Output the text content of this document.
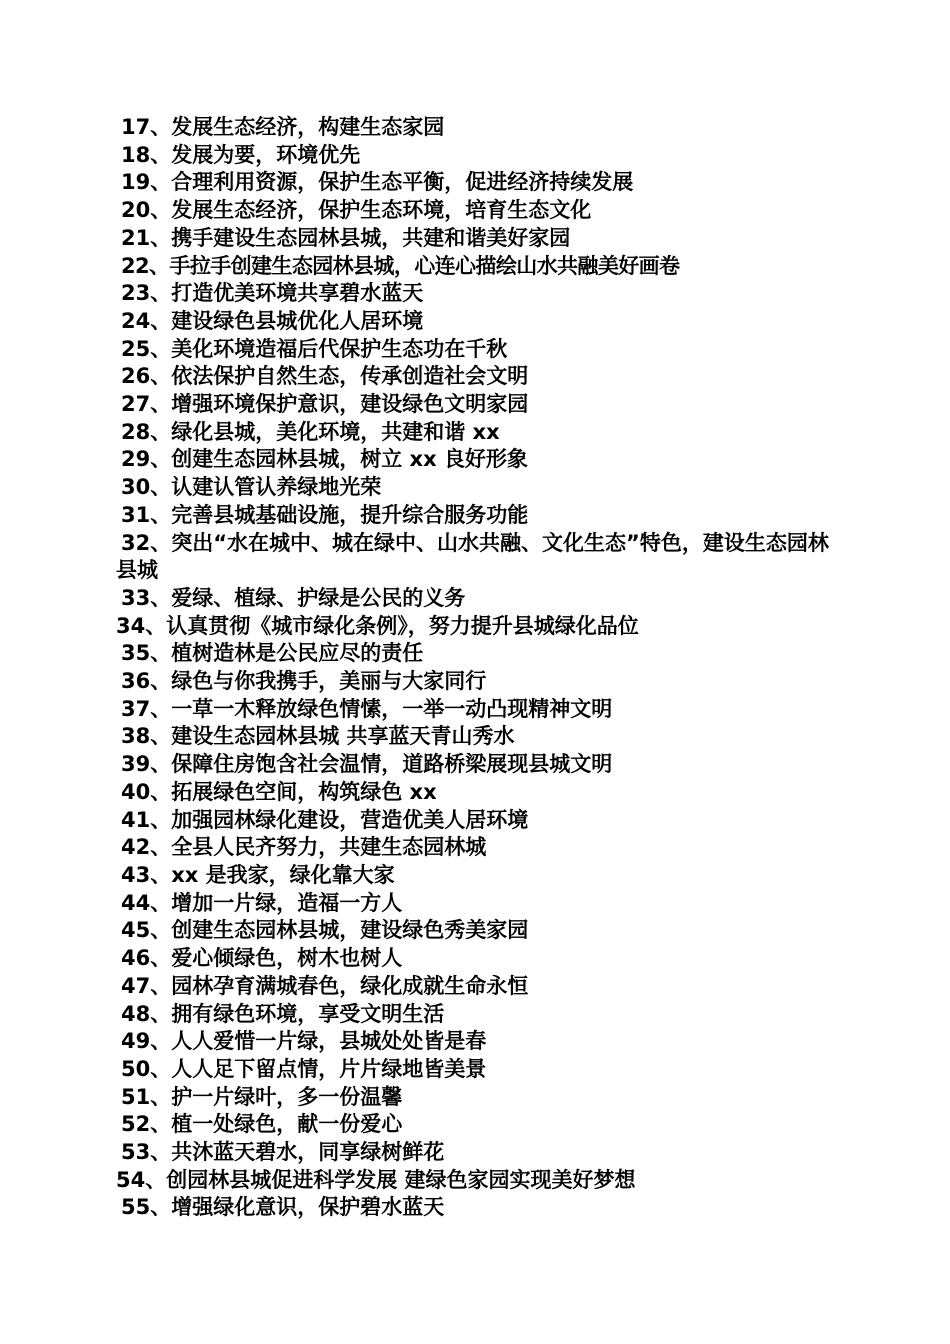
17、发展生态经济，构建生态家园
18、发展为要，环境优先
19、合理利用资源，保护生态平衡，促进经济持续发展
20、发展生态经济，保护生态环境，培育生态文化
21、携手建设生态园林县城，共建和谐美好家园
22、手拉手创建生态园林县城，心连心描绘山水共融美好画卷
23、打造优美环境共享碧水蓝天
24、建设绿色县城优化人居环境
25、美化环境造福后代保护生态功在千秋
26、依法保护自然生态，传承创造社会文明
27、增强环境保护意识，建设绿色文明家园
28、绿化县城，美化环境，共建和谐 xx
29、创建生态园林县城，树立 xx 良好形象
30、认建认管认养绿地光荣
31、完善县城基础设施，提升综合服务功能
32、突出“水在城中、城在绿中、山水共融、文化生态”特色，建设生态园林县城
33、爱绿、植绿、护绿是公民的义务
34、认真贯彻《城市绿化条例》，努力提升县城绿化品位
35、植树造林是公民应尽的责任
36、绿色与你我携手，美丽与大家同行
37、一草一木释放绿色情愫，一举一动凸现精神文明
38、建设生态园林县城 共享蓝天青山秀水
39、保障住房饱含社会温情，道路桥梁展现县城文明
40、拓展绿色空间，构筑绿色 xx
41、加强园林绿化建设，营造优美人居环境
42、全县人民齐努力，共建生态园林城
43、xx 是我家，绿化靠大家
44、增加一片绿，造福一方人
45、创建生态园林县城，建设绿色秀美家园
46、爱心倾绿色，树木也树人
47、园林孕育满城春色，绿化成就生命永恒
48、拥有绿色环境，享受文明生活
49、人人爱惜一片绿，县城处处皆是春
50、人人足下留点情，片片绿地皆美景
51、护一片绿叶，多一份温馨
52、植一处绿色，献一份爱心
53、共沐蓝天碧水，同享绿树鲜花
54、创园林县城促进科学发展 建绿色家园实现美好梦想
55、增强绿化意识，保护碧水蓝天
